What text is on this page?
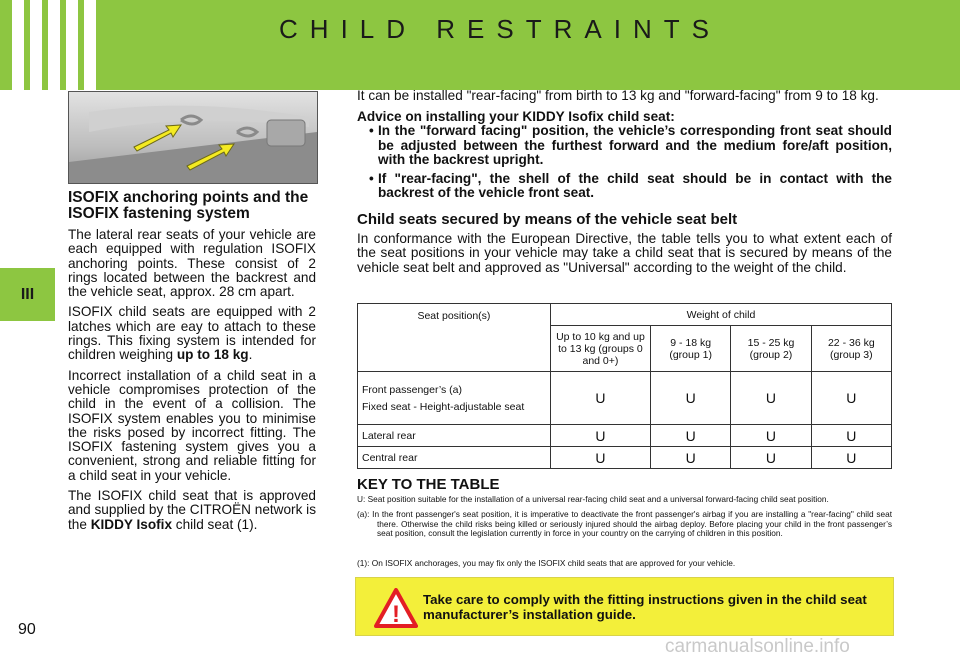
CHILD RESTRAINTS
III
ISOFIX anchoring points and the ISOFIX fastening system

The lateral rear seats of your vehicle are each equipped with regulation ISOFIX anchoring points. These consist of 2 rings located between the backrest and the vehicle seat, approx. 28 cm apart.

ISOFIX child seats are equipped with 2 latches which are eay to attach to these rings. This fixing system is intended for children weighing up to 18 kg.

Incorrect installation of a child seat in a vehicle compromises protection of the child in the event of a collision. The ISOFIX system enables you to minimise the risks posed by incorrect fitting. The ISOFIX fastening system gives you a convenient, strong and reliable fitting for a child seat in your vehicle.

The ISOFIX child seat that is approved and supplied by the CITROËN network is the KIDDY Isofix child seat (1).

It can be installed "rear-facing" from birth to 13 kg and "forward-facing" from 9 to 18 kg.

Advice on installing your KIDDY Isofix child seat:

• In the "forward facing" position, the vehicle’s corresponding front seat should be adjusted between the furthest forward and the medium fore/aft position, with the backrest upright.
• If "rear-facing", the shell of the child seat should be in contact with the backrest of the vehicle front seat.
Child seats secured by means of the vehicle seat belt

In conformance with the European Directive, the table tells you to what extent each of the seat positions in your vehicle may take a child seat that is secured by means of the vehicle seat belt and approved as "Universal" according to the weight of the child.

Seat position(s)	Weight of child			
	Up to 10 kg and up to 13 kg (groups 0 and 0+)	9 - 18 kg (group 1)	15 - 25 kg (group 2)	22 - 36 kg (group 3)

Front passenger’s (a)
Fixed seat - Height-adjustable seat	U	U	U	U
Lateral rear	U	U	U	U
Central rear	U	U	U	U
KEY TO THE TABLE
U: Seat position suitable for the installation of a universal rear-facing child seat and a universal forward-facing child seat position.
(a): In the front passenger's seat position, it is imperative to deactivate the front passenger's airbag if you are installing a "rear-facing" child seat there. Otherwise the child risks being killed or seriously injured should the airbag deploy. Before placing your child in the front passenger’s seat position, consult the legislation currently in force in your country on the carrying of children in this position.
(1): On ISOFIX anchorages, you may fix only the ISOFIX child seats that are approved for your vehicle.
!
Take care to comply with the fitting instructions given in the child seat manufacturer’s installation guide.
90
carmanualsonline.info
